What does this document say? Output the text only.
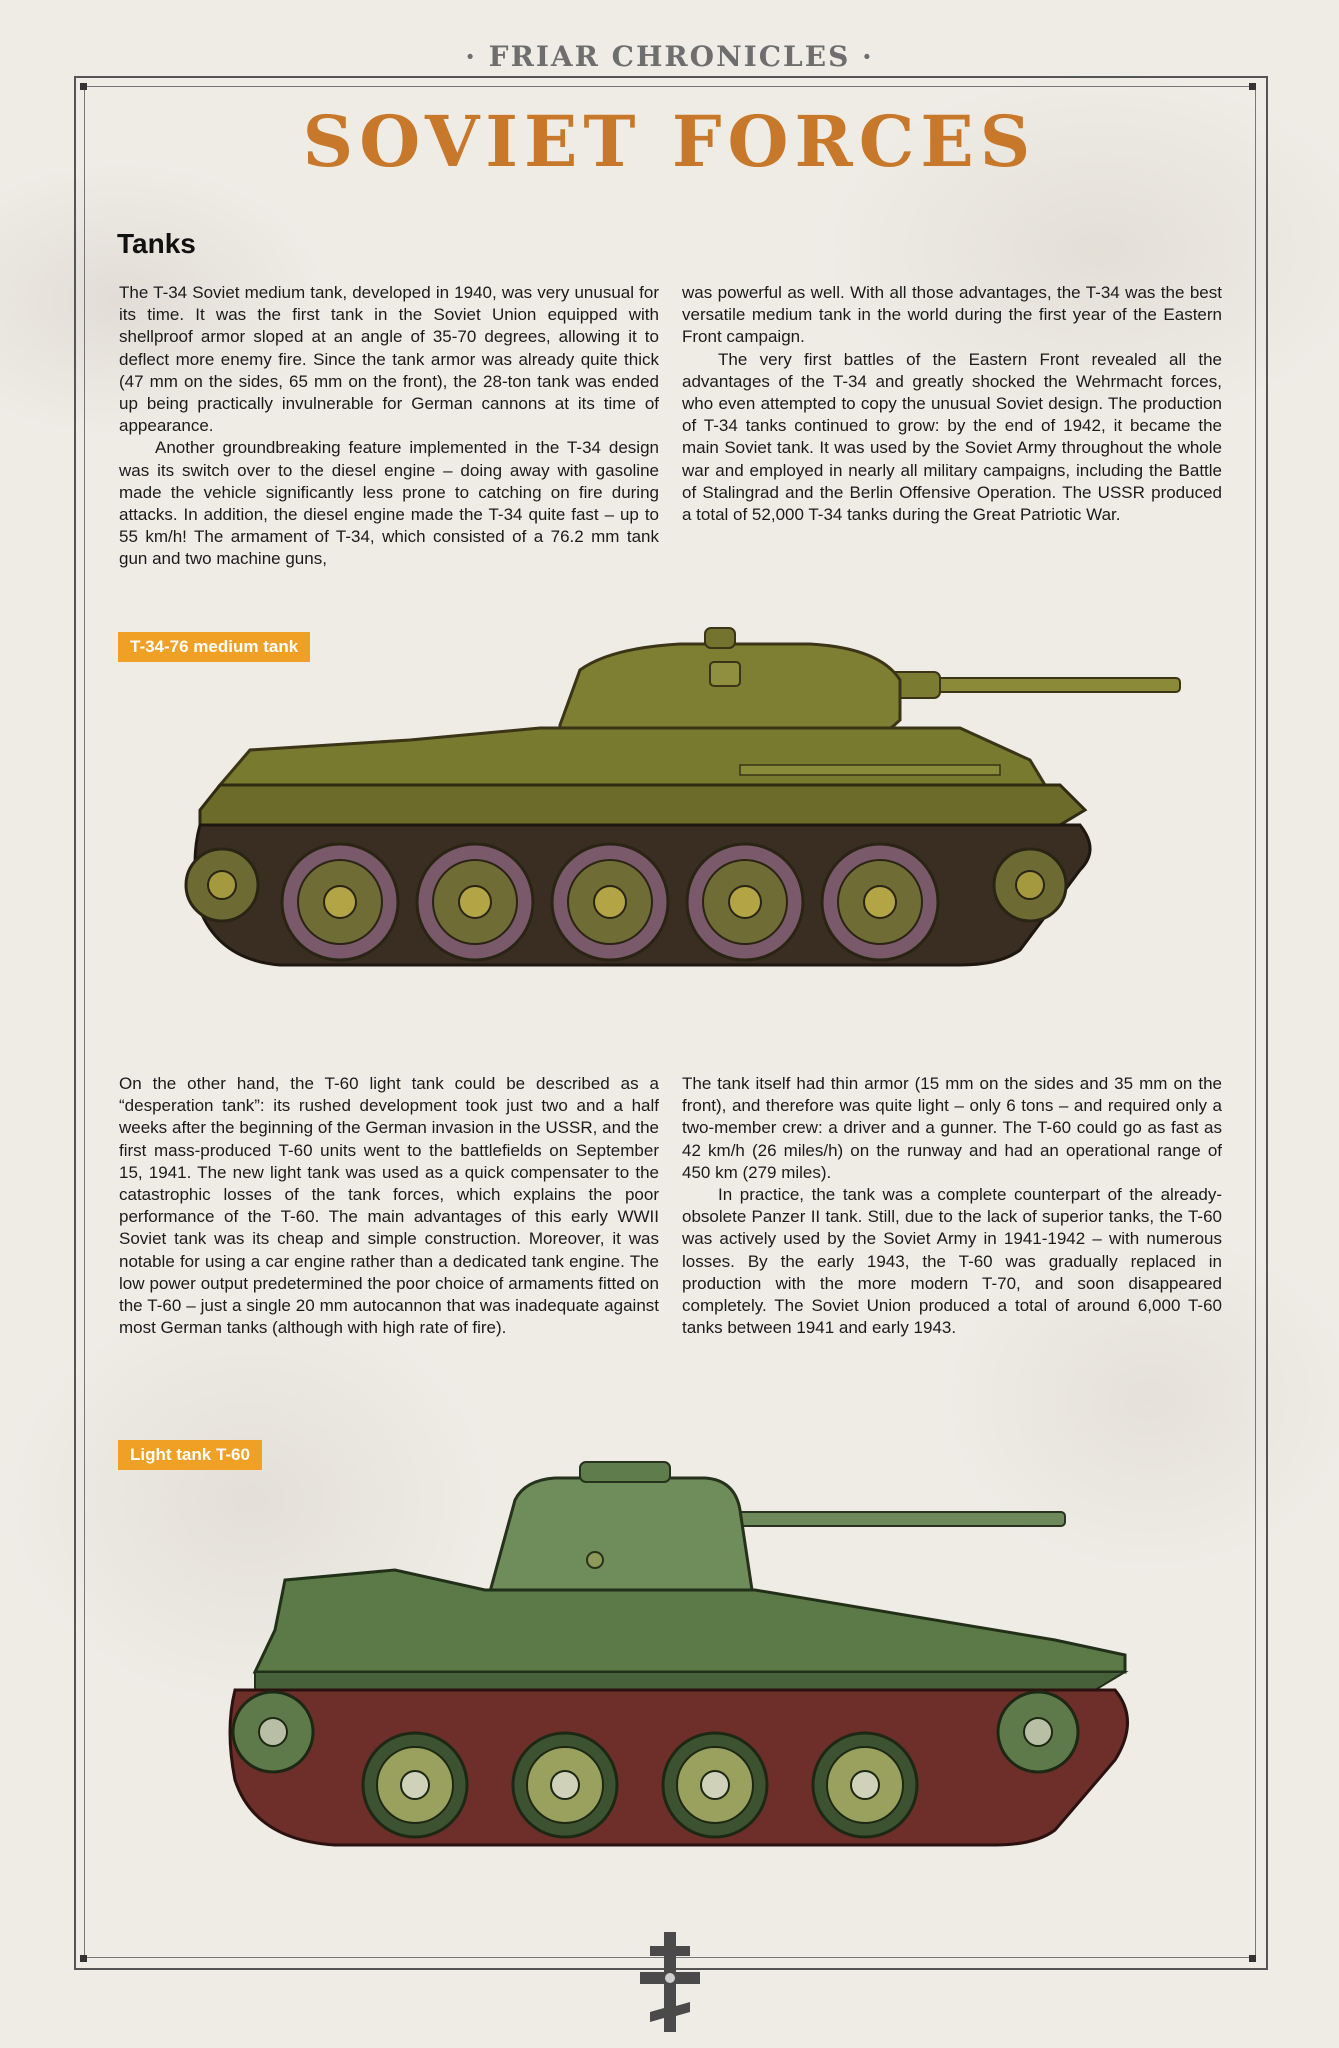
· FRIAR CHRONICLES ·
SOVIET FORCES
Tanks

The T-34 Soviet medium tank, developed in 1940, was very unusual for its time. It was the first tank in the Soviet Union equipped with shellproof armor sloped at an angle of 35-70 degrees, allowing it to deflect more enemy fire. Since the tank armor was already quite thick (47 mm on the sides, 65 mm on the front), the 28-ton tank was ended up being practically invulnerable for German cannons at its time of appearance.

Another groundbreaking feature implemented in the T-34 design was its switch over to the diesel engine – doing away with gasoline made the vehicle significantly less prone to catching on fire during attacks. In addition, the diesel engine made the T-34 quite fast – up to 55 km/h! The armament of T-34, which consisted of a 76.2 mm tank gun and two machine guns,

was powerful as well. With all those advantages, the T-34 was the best versatile medium tank in the world during the first year of the Eastern Front campaign.

The very first battles of the Eastern Front revealed all the advantages of the T-34 and greatly shocked the Wehrmacht forces, who even attempted to copy the unusual Soviet design. The production of T-34 tanks continued to grow: by the end of 1942, it became the main Soviet tank. It was used by the Soviet Army throughout the whole war and employed in nearly all military campaigns, including the Battle of Stalingrad and the Berlin Offensive Operation. The USSR produced a total of 52,000 T-34 tanks during the Great Patriotic War.

T-34-76 medium tank

On the other hand, the T-60 light tank could be described as a “desperation tank”: its rushed development took just two and a half weeks after the beginning of the German invasion in the USSR, and the first mass-produced T-60 units went to the battlefields on September 15, 1941. The new light tank was used as a quick compensater to the catastrophic losses of the tank forces, which explains the poor performance of the T-60. The main advantages of this early WWII Soviet tank was its cheap and simple construction. Moreover, it was notable for using a car engine rather than a dedicated tank engine. The low power output predetermined the poor choice of armaments fitted on the T-60 – just a single 20 mm autocannon that was inadequate against most German tanks (although with high rate of fire).

The tank itself had thin armor (15 mm on the sides and 35 mm on the front), and therefore was quite light – only 6 tons – and required only a two-member crew: a driver and a gunner. The T-60 could go as fast as 42 km/h (26 miles/h) on the runway and had an operational range of 450 km (279 miles).

In practice, the tank was a complete counterpart of the already-obsolete Panzer II tank. Still, due to the lack of superior tanks, the T-60 was actively used by the Soviet Army in 1941-1942 – with numerous losses. By the early 1943, the T-60 was gradually replaced in production with the more modern T-70, and soon disappeared completely. The Soviet Union produced a total of around 6,000 T-60 tanks between 1941 and early 1943.

Light tank T-60
